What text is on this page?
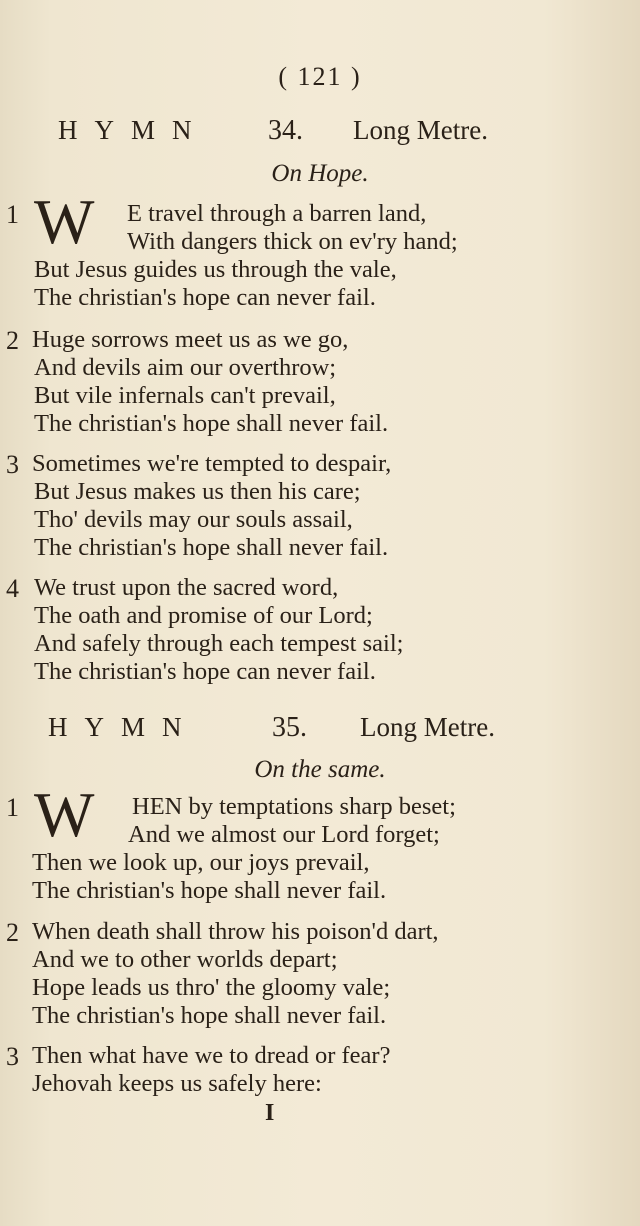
( 121 )
HYMN 34. Long Metre.
On Hope.
1 W E travel through a barren land,
With dangers thick on ev'ry hand;
But Jesus guides us through the vale,
The christian's hope can never fail.
2 Huge sorrows meet us as we go,
And devils aim our overthrow;
But vile infernals can't prevail,
The christian's hope shall never fail.
3 Sometimes we're tempted to despair,
But Jesus makes us then his care;
Tho' devils may our souls assail,
The christian's hope shall never fail.
4 We trust upon the sacred word,
The oath and promise of our Lord;
And safely through each tempest sail;
The christian's hope can never fail.
HYMN	35. Long Metre.
On the same.
1 W HEN by temptations sharp beset;
And we almost our Lord forget;
Then we look up, our joys prevail,
The christian's hope shall never fail.
2 When death shall throw his poison'd dart,
And we to other worlds depart;
Hope leads us thro' the gloomy vale;
The christian's hope shall never fail.
3 Then what have we to dread or fear?
Jehovah keeps us safely here:
I
